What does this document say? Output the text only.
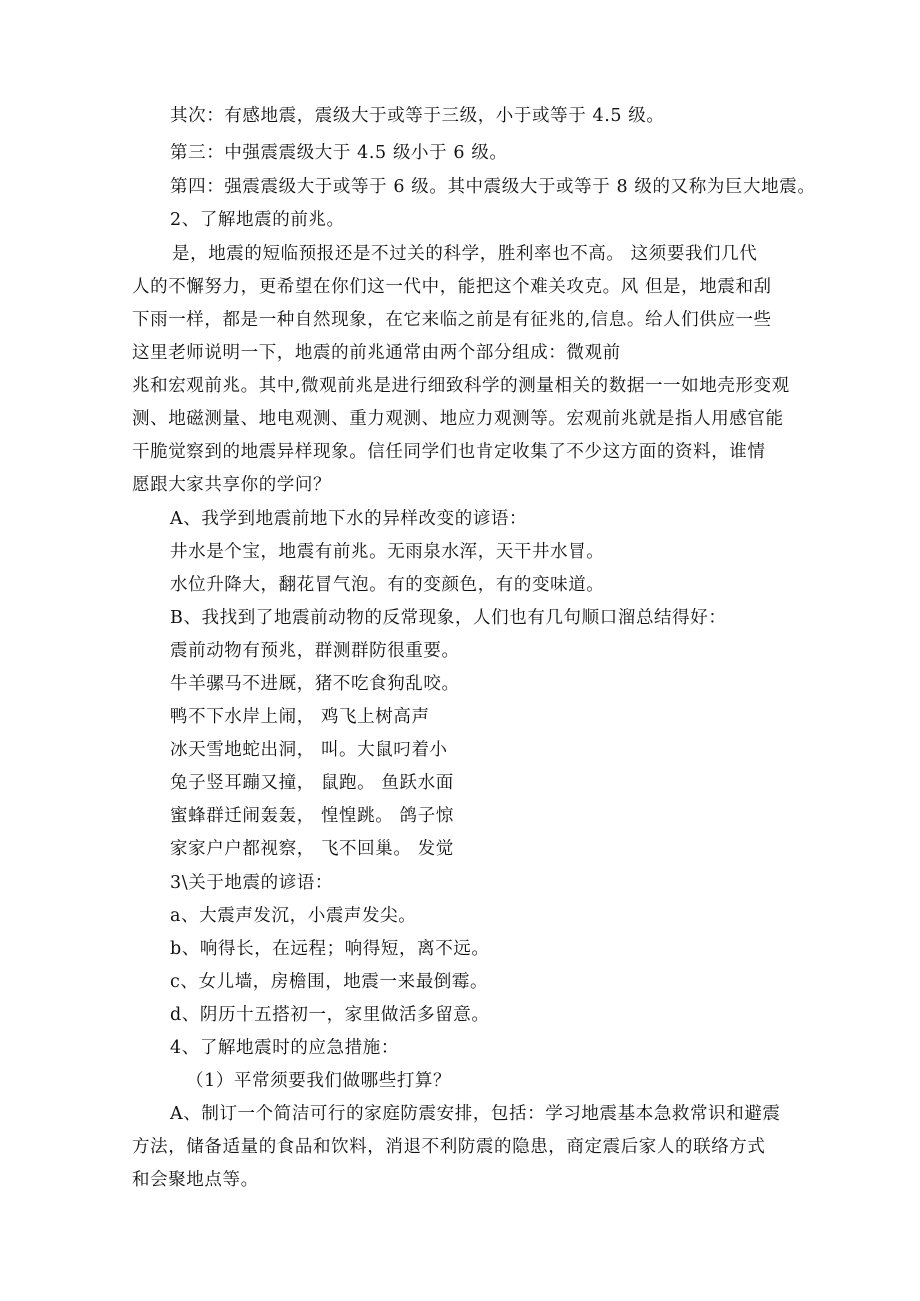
其次：有感地震，震级大于或等于三级，小于或等于 4.5 级。
第三：中强震震级大于 4.5 级小于 6 级。
第四：强震震级大于或等于 6 级。其中震级大于或等于 8 级的又称为巨大地震。
2、了解地震的前兆。
是，地震的短临预报还是不过关的科学，胜利率也不高。 这须要我们几代
人的不懈努力，更希望在你们这一代中，能把这个难关攻克。风 但是，地震和刮
下雨一样，都是一种自然现象，在它来临之前是有征兆的,信息。给人们供应一些
这里老师说明一下，地震的前兆通常由两个部分组成：微观前
兆和宏观前兆。其中,微观前兆是进行细致科学的测量相关的数据一一如地壳形变观
测、地磁测量、地电观测、重力观测、地应力观测等。宏观前兆就是指人用感官能
干脆觉察到的地震异样现象。信任同学们也肯定收集了不少这方面的资料，谁情
愿跟大家共享你的学问？
A、我学到地震前地下水的异样改变的谚语：
井水是个宝，地震有前兆。无雨泉水浑，天干井水冒。
水位升降大，翻花冒气泡。有的变颜色，有的变味道。
B、我找到了地震前动物的反常现象，人们也有几句顺口溜总结得好：
震前动物有预兆，群测群防很重要。
牛羊骡马不进厩，猪不吃食狗乱咬。
鸭不下水岸上闹， 鸡飞上树高声
冰天雪地蛇出洞， 叫。大鼠叼着小
兔子竖耳蹦又撞， 鼠跑。 鱼跃水面
蜜蜂群迁闹轰轰， 惶惶跳。 鸽子惊
家家户户都视察， 飞不回巢。 发觉
3\关于地震的谚语：
a、大震声发沉，小震声发尖。
b、响得长，在远程；响得短，离不远。
c、女儿墙，房檐围，地震一来最倒霉。
d、阴历十五搭初一，家里做活多留意。
4、了解地震时的应急措施：
（1）平常须要我们做哪些打算？
A、制订一个简洁可行的家庭防震安排，包括：学习地震基本急救常识和避震
方法，储备适量的食品和饮料，消退不利防震的隐患，商定震后家人的联络方式
和会聚地点等。
